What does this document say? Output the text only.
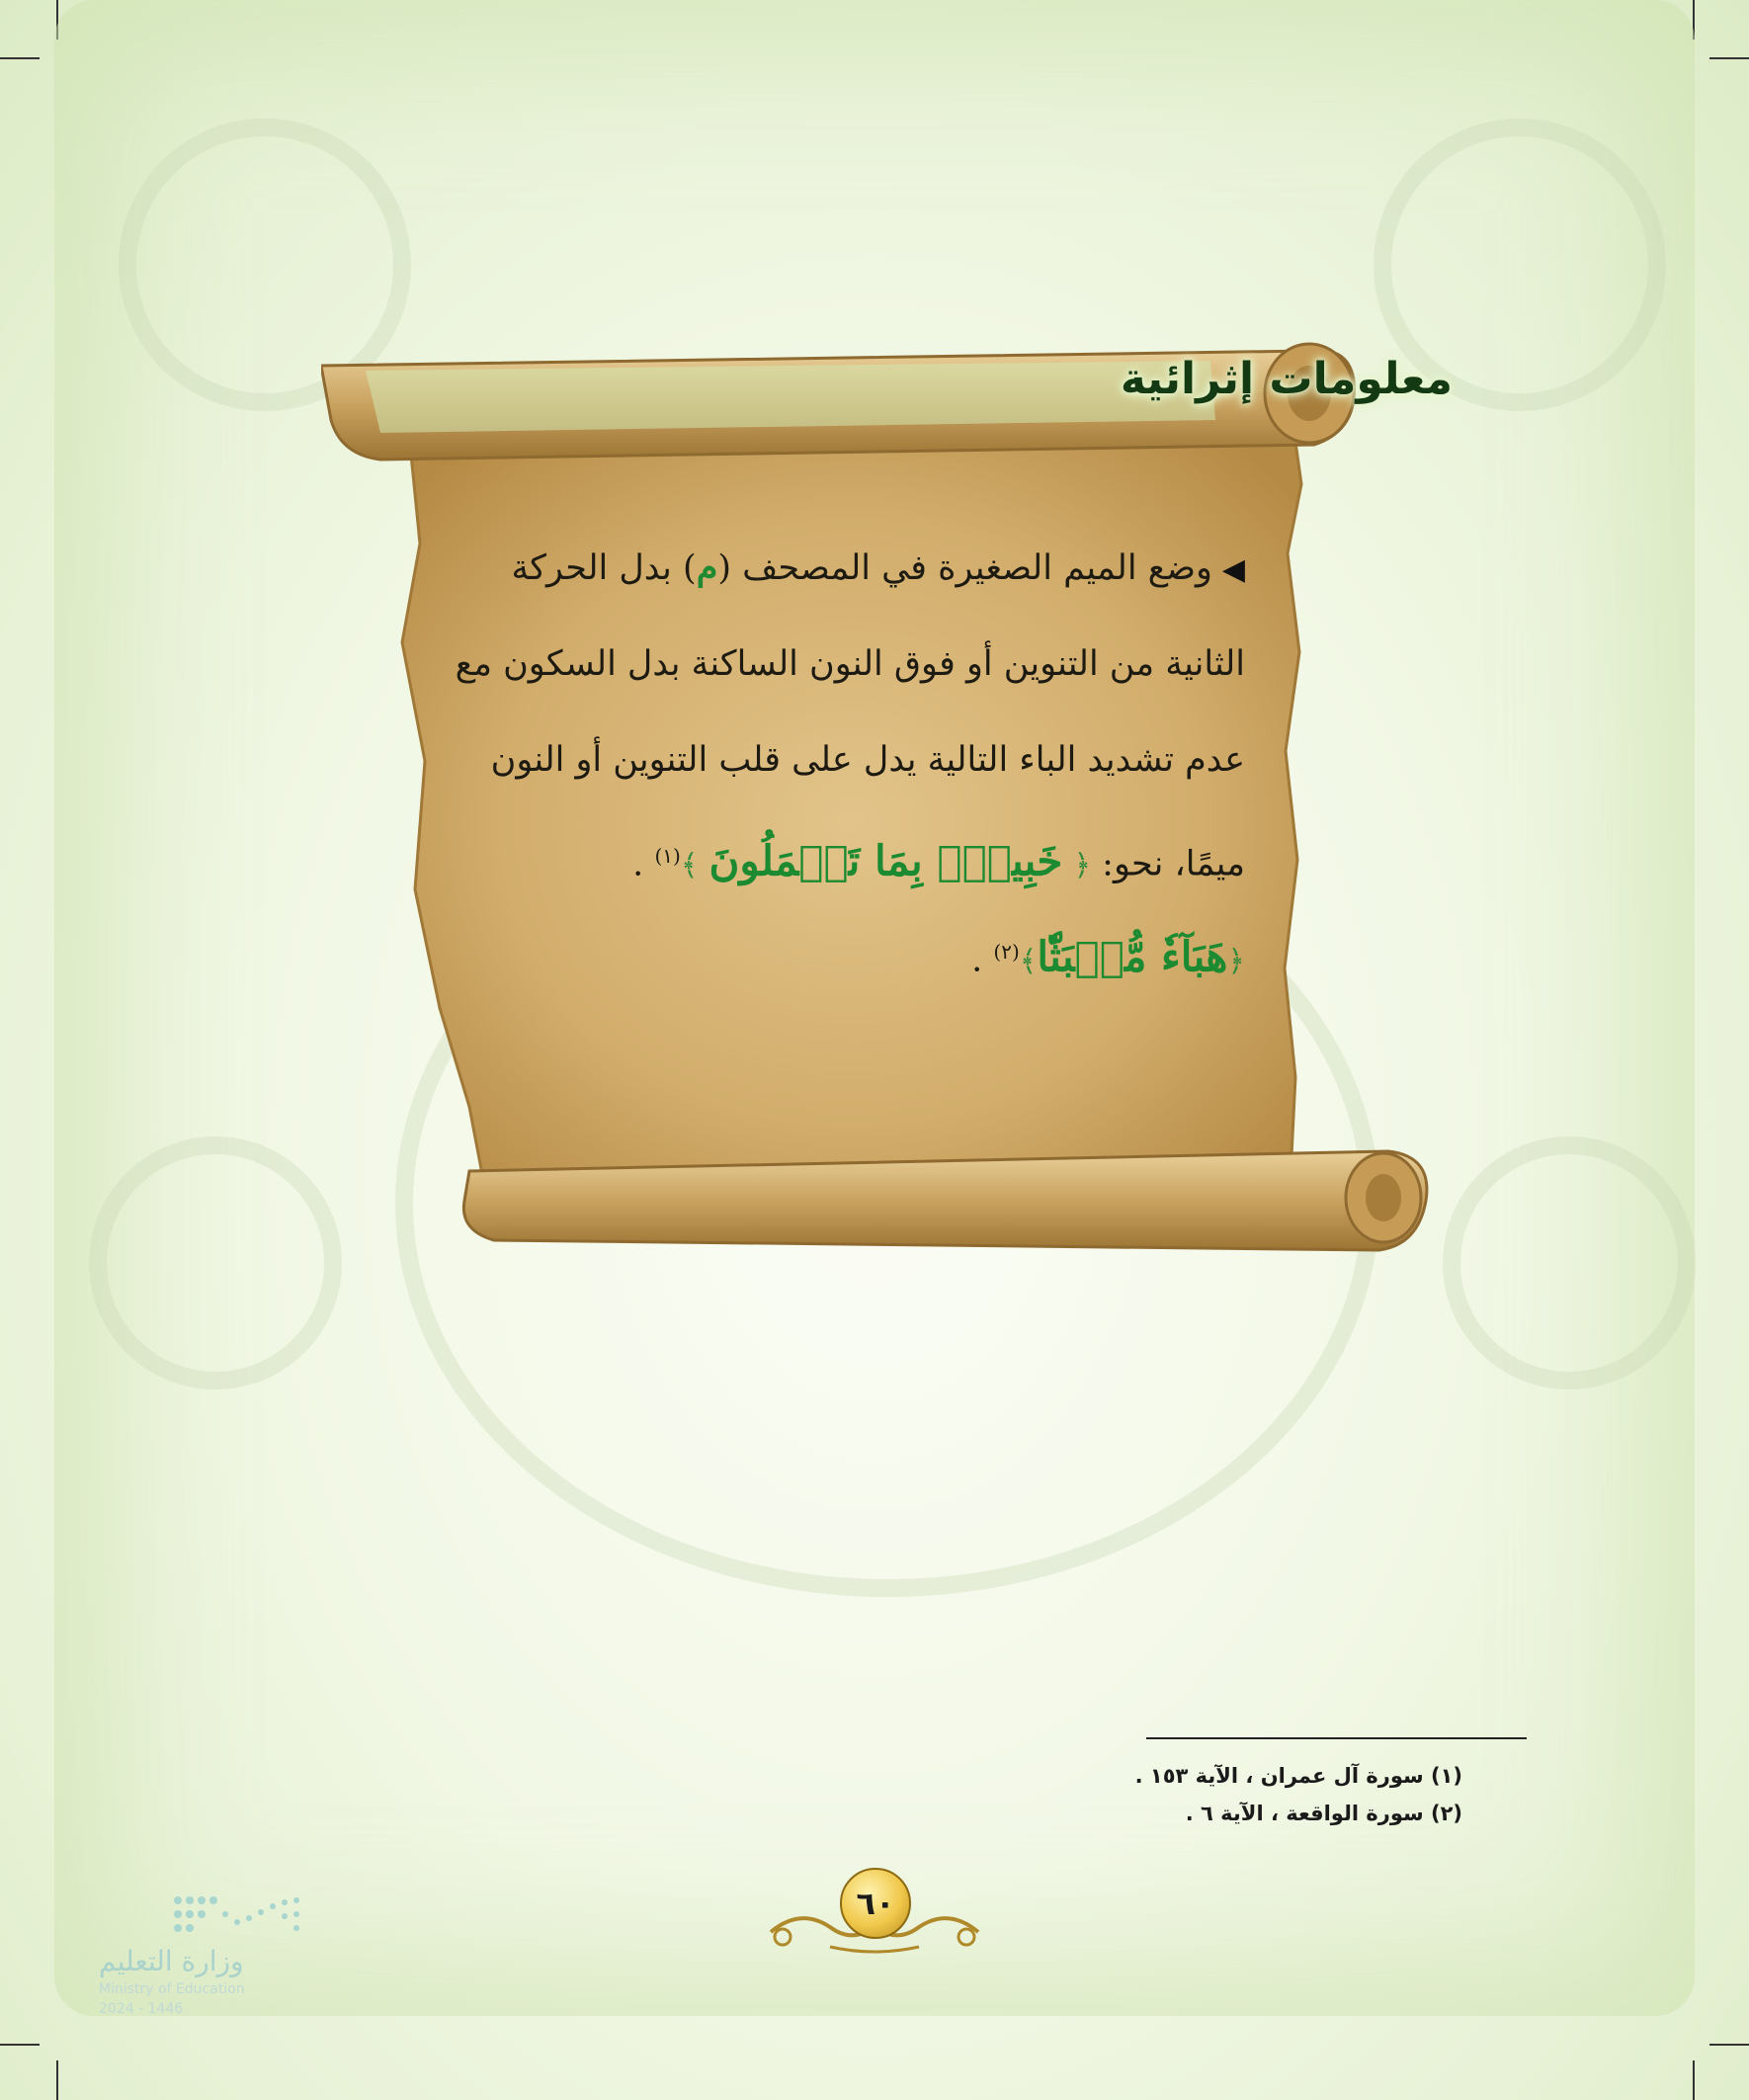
معلومات إثرائية
◀وضع الميم الصغيرة في المصحف (م) بدل الحركة
الثانية من التنوين أو فوق النون الساكنة بدل السكون مع
عدم تشديد الباء التالية يدل على قلب التنوين أو النون
ميمًا، نحو: ﴿ خَبِيرٌۢ بِمَا تَعۡمَلُونَ ﴾$^{(١)}$ .
﴿هَبَآءٗ مُّنۢبَثّٗا﴾$^{(٢)}$ .
(١) سورة آل عمران ، الآية ١٥٣ .
(٢) سورة الواقعة ، الآية ٦ .
٦٠
وزارة التعليم
Ministry of Education
2024 - 1446
